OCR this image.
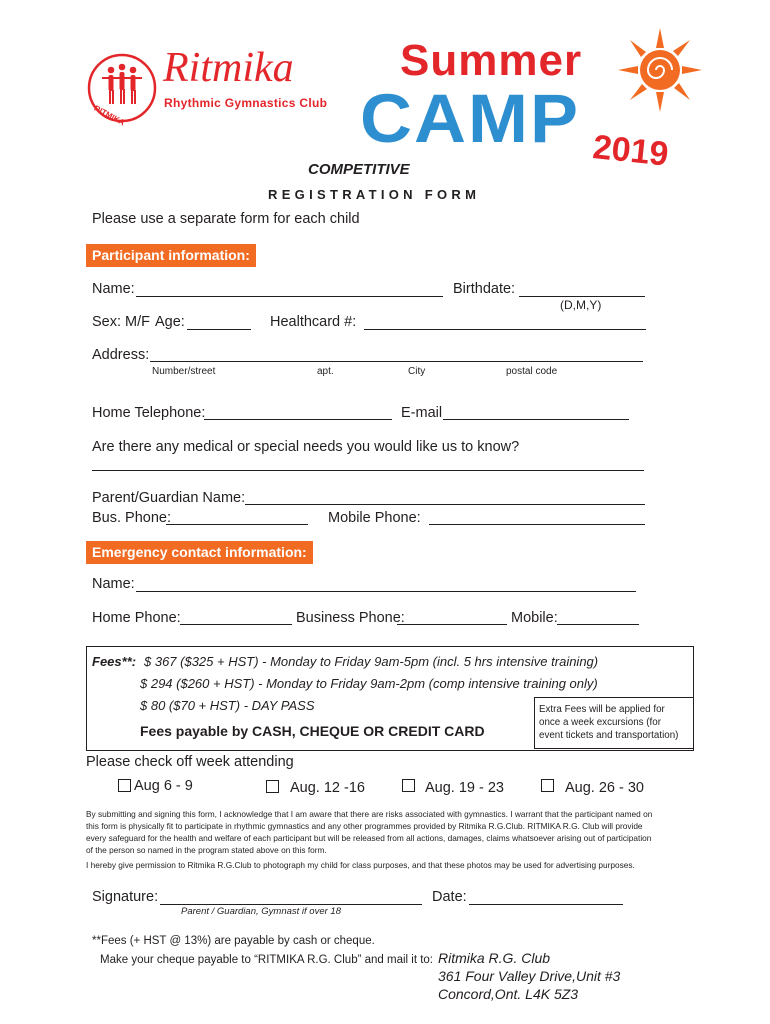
RITMIKA
Ritmika
Rhythmic Gymnastics Club
Summer
CAMP 2019
COMPETITIVE
REGISTRATION FORM
Please use a separate form for each child
Participant information:
Name:	Birthdate:
(D,M,Y)
Sex: M/F Age:	Healthcard #:
Address:
Number/street	apt.	City	postal code
Home Telephone:	E-mail
Are there any medical or special needs you would like us to know?
Parent/Guardian Name:
Bus. Phone:	Mobile Phone:
Emergency contact information:
Name:
Home Phone:	Business Phone:	Mobile:
Fees**: $ 367 ($325 + HST) - Monday to Friday 9am-5pm (incl. 5 hrs intensive training)
$ 294 ($260 + HST) - Monday to Friday 9am-2pm (comp intensive training only)
$ 80 ($70 + HST) - DAY PASS
Fees payable by CASH, CHEQUE OR CREDIT CARD
Extra Fees will be applied for
once a week excursions (for
event tickets and transportation)
Please check off week attending
Aug 6 - 9	Aug. 12 -16	Aug. 19 - 23	Aug. 26 - 30
By submitting and signing this form, I acknowledge that I am aware that there are risks associated with gymnastics. I warrant that the participant named on
this form is physically fit to participate in rhythmic gymnastics and any other programmes provided by Ritmika R.G.Club. RITMIKA R.G. Club will provide
every safeguard for the health and welfare of each participant but will be released from all actions, damages, claims whatsoever arising out of participation
of the person so named in the program stated above on this form.
I hereby give permission to Ritmika R.G.Club to photograph my child for class purposes, and that these photos may be used for advertising purposes.
Signature:	Date:
Parent / Guardian, Gymnast if over 18
**Fees (+ HST @ 13%) are payable by cash or cheque.
Make your cheque payable to “RITMIKA R.G. Club” and mail it to: Ritmika R.G. Club
361 Four Valley Drive,Unit #3
Concord,Ont. L4K 5Z3
